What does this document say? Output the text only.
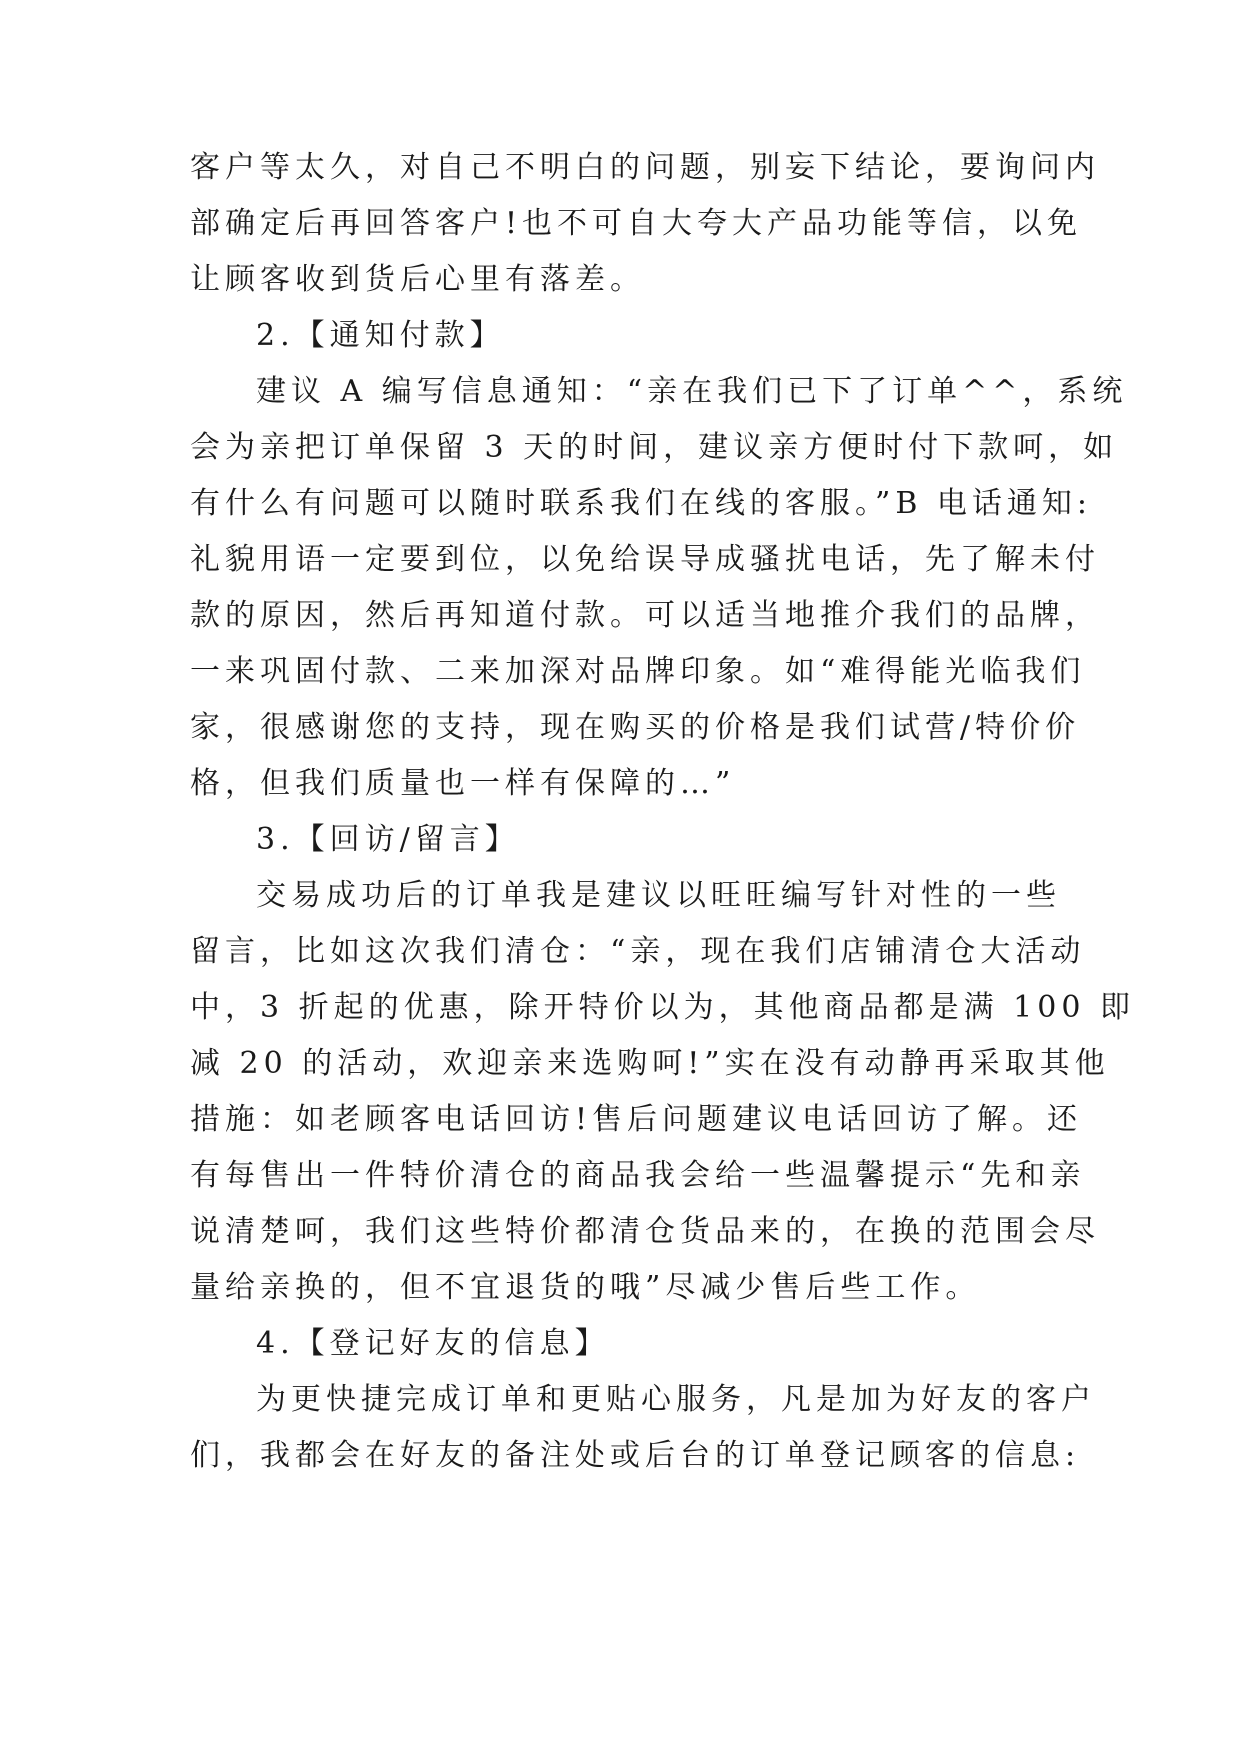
客户等太久，对自己不明白的问题，别妄下结论，要询问内
部确定后再回答客户!也不可自大夸大产品功能等信，以免
让顾客收到货后心里有落差。
2.【通知付款】
建议 A 编写信息通知：“亲在我们已下了订单^^，系统
会为亲把订单保留 3 天的时间，建议亲方便时付下款呵，如
有什么有问题可以随时联系我们在线的客服。”B 电话通知:
礼貌用语一定要到位，以免给误导成骚扰电话，先了解未付
款的原因，然后再知道付款。可以适当地推介我们的品牌，
一来巩固付款、二来加深对品牌印象。如“难得能光临我们
家，很感谢您的支持，现在购买的价格是我们试营/特价价
格，但我们质量也一样有保障的…”
3.【回访/留言】
交易成功后的订单我是建议以旺旺编写针对性的一些
留言，比如这次我们清仓：“亲，现在我们店铺清仓大活动
中，3 折起的优惠，除开特价以为，其他商品都是满 100 即
减 20 的活动，欢迎亲来选购呵!”实在没有动静再采取其他
措施：如老顾客电话回访!售后问题建议电话回访了解。还
有每售出一件特价清仓的商品我会给一些温馨提示“先和亲
说清楚呵，我们这些特价都清仓货品来的，在换的范围会尽
量给亲换的，但不宜退货的哦”尽减少售后些工作。
4.【登记好友的信息】
为更快捷完成订单和更贴心服务，凡是加为好友的客户
们，我都会在好友的备注处或后台的订单登记顾客的信息:
